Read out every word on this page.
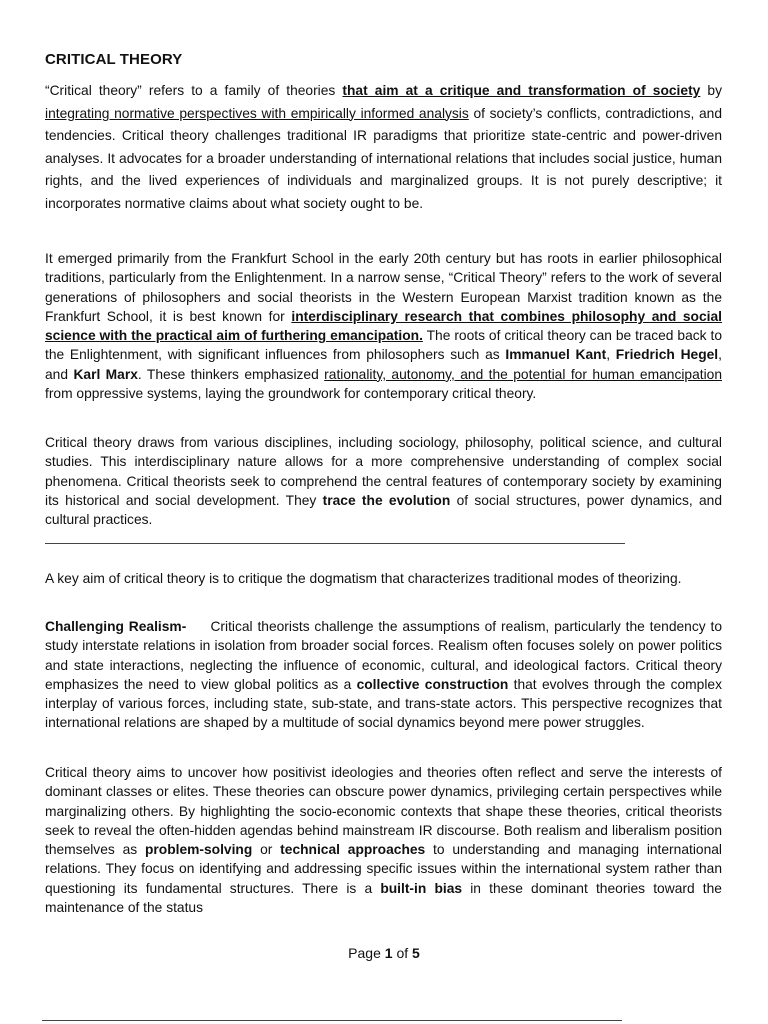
CRITICAL THEORY

“Critical theory” refers to a family of theories that aim at a critique and transformation of society by integrating normative perspectives with empirically informed analysis of society’s conflicts, contradictions, and tendencies. Critical theory challenges traditional IR paradigms that prioritize state-centric and power-driven analyses. It advocates for a broader understanding of international relations that includes social justice, human rights, and the lived experiences of individuals and marginalized groups. It is not purely descriptive; it incorporates normative claims about what society ought to be.

It emerged primarily from the Frankfurt School in the early 20th century but has roots in earlier philosophical traditions, particularly from the Enlightenment. In a narrow sense, “Critical Theory” refers to the work of several generations of philosophers and social theorists in the Western European Marxist tradition known as the Frankfurt School, it is best known for interdisciplinary research that combines philosophy and social science with the practical aim of furthering emancipation. The roots of critical theory can be traced back to the Enlightenment, with significant influences from philosophers such as Immanuel Kant, Friedrich Hegel, and Karl Marx. These thinkers emphasized rationality, autonomy, and the potential for human emancipation from oppressive systems, laying the groundwork for contemporary critical theory.

Critical theory draws from various disciplines, including sociology, philosophy, political science, and cultural studies. This interdisciplinary nature allows for a more comprehensive understanding of complex social phenomena. Critical theorists seek to comprehend the central features of contemporary society by examining its historical and social development. They trace the evolution of social structures, power dynamics, and cultural practices.

A key aim of critical theory is to critique the dogmatism that characterizes traditional modes of theorizing.

Challenging Realism-     Critical theorists challenge the assumptions of realism, particularly the tendency to study interstate relations in isolation from broader social forces. Realism often focuses solely on power politics and state interactions, neglecting the influence of economic, cultural, and ideological factors. Critical theory emphasizes the need to view global politics as a collective construction that evolves through the complex interplay of various forces, including state, sub-state, and trans-state actors. This perspective recognizes that international relations are shaped by a multitude of social dynamics beyond mere power struggles.

Critical theory aims to uncover how positivist ideologies and theories often reflect and serve the interests of dominant classes or elites. These theories can obscure power dynamics, privileging certain perspectives while marginalizing others. By highlighting the socio-economic contexts that shape these theories, critical theorists seek to reveal the often-hidden agendas behind mainstream IR discourse. Both realism and liberalism position themselves as problem-solving or technical approaches to understanding and managing international relations. They focus on identifying and addressing specific issues within the international system rather than questioning its fundamental structures. There is a built-in bias in these dominant theories toward the maintenance of the status

Page 1 of 5
